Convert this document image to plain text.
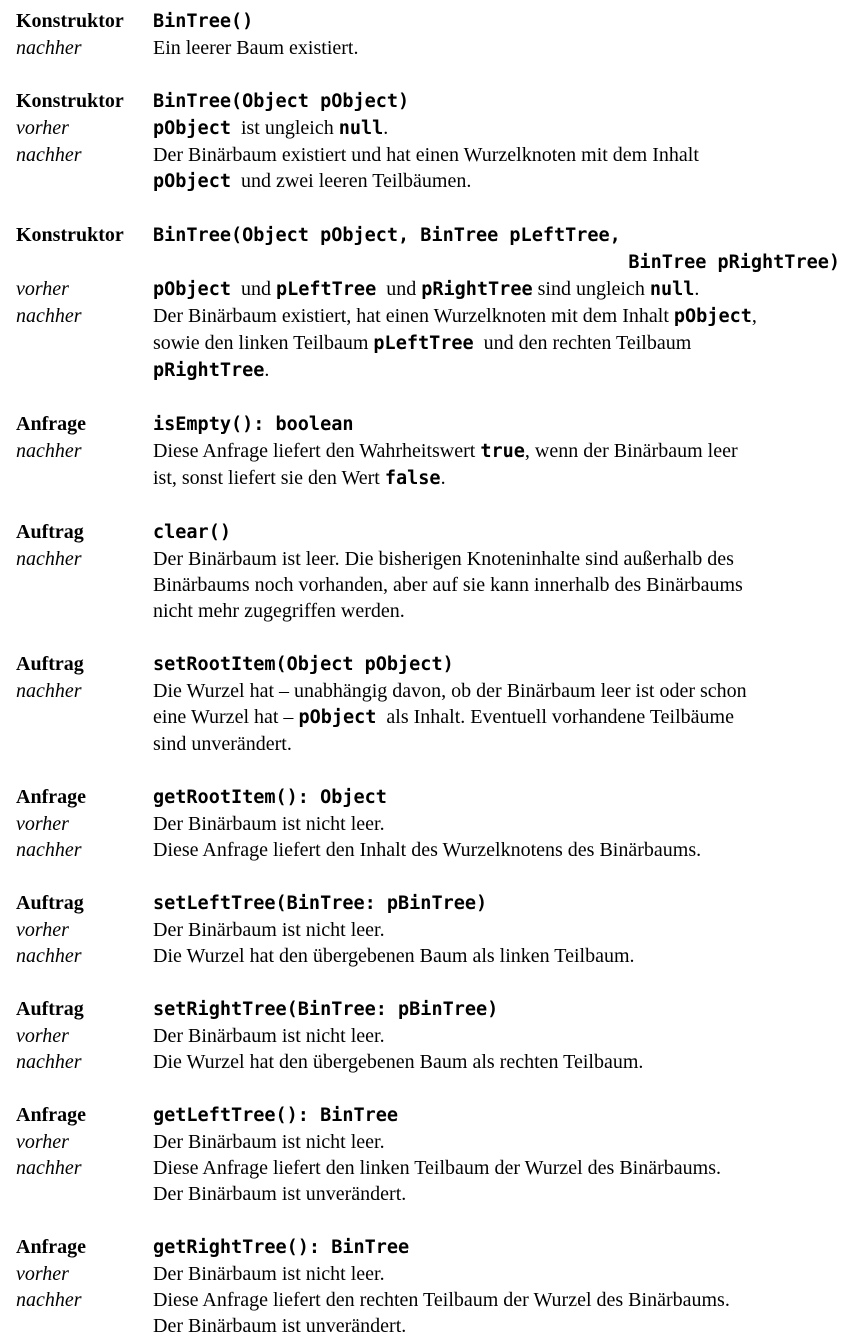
Konstruktor	BinTree()
nachher	Ein leerer Baum existiert.
Konstruktor	BinTree(Object pObject)
vorher	pObject  ist ungleich null.
nachher	Der Binärbaum existiert und hat einen Wurzelknoten mit dem Inhalt
pObject  und zwei leeren Teilbäumen.
Konstruktor	BinTree(Object pObject, BinTree pLeftTree,
BinTree pRightTree)
vorher	pObject  und pLeftTree  und pRightTree sind ungleich null.
nachher	Der Binärbaum existiert, hat einen Wurzelknoten mit dem Inhalt pObject,
sowie den linken Teilbaum pLeftTree  und den rechten Teilbaum
pRightTree.
Anfrage	isEmpty(): boolean
nachher	Diese Anfrage liefert den Wahrheitswert true, wenn der Binärbaum leer
ist, sonst liefert sie den Wert false.
Auftrag	clear()
nachher	Der Binärbaum ist leer. Die bisherigen Knoteninhalte sind außerhalb des
Binärbaums noch vorhanden, aber auf sie kann innerhalb des Binärbaums
nicht mehr zugegriffen werden.
Auftrag	setRootItem(Object pObject)
nachher	Die Wurzel hat – unabhängig davon, ob der Binärbaum leer ist oder schon
eine Wurzel hat – pObject  als Inhalt. Eventuell vorhandene Teilbäume
sind unverändert.
Anfrage	getRootItem(): Object
vorher	Der Binärbaum ist nicht leer.
nachher	Diese Anfrage liefert den Inhalt des Wurzelknotens des Binärbaums.
Auftrag	setLeftTree(BinTree: pBinTree)
vorher	Der Binärbaum ist nicht leer.
nachher	Die Wurzel hat den übergebenen Baum als linken Teilbaum.
Auftrag	setRightTree(BinTree: pBinTree)
vorher	Der Binärbaum ist nicht leer.
nachher	Die Wurzel hat den übergebenen Baum als rechten Teilbaum.
Anfrage	getLeftTree(): BinTree
vorher	Der Binärbaum ist nicht leer.
nachher	Diese Anfrage liefert den linken Teilbaum der Wurzel des Binärbaums.
Der Binärbaum ist unverändert.
Anfrage	getRightTree(): BinTree
vorher	Der Binärbaum ist nicht leer.
nachher	Diese Anfrage liefert den rechten Teilbaum der Wurzel des Binärbaums.
Der Binärbaum ist unverändert.
